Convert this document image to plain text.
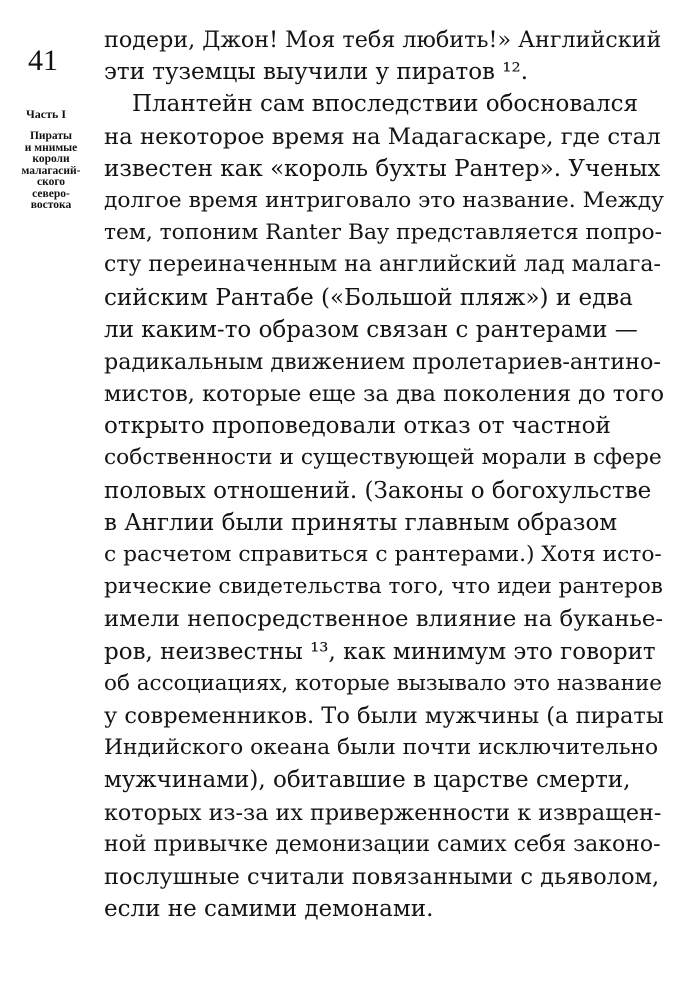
41
Часть I
Пираты
и мнимые
короли
малагасий-
ского
северо-
востока
подери, Джон! Моя тебя любить!» Английский
эти туземцы выучили у пиратов ¹².
Плантейн сам впоследствии обосновался
на некоторое время на Мадагаскаре, где стал
известен как «король бухты Рантер». Ученых
долгое время интриговало это название. Между
тем, топоним Ranter Bay представляется попро-
сту переиначенным на английский лад малага-
сийским Рантабе («Большой пляж») и едва
ли каким-то образом связан с рантерами —
радикальным движением пролетариев-антино-
мистов, которые еще за два поколения до того
открыто проповедовали отказ от частной
собственности и существующей морали в сфере
половых отношений. (Законы о богохульстве
в Англии были приняты главным образом
с расчетом справиться с рантерами.) Хотя исто-
рические свидетельства того, что идеи рантеров
имели непосредственное влияние на буканье-
ров, неизвестны ¹³, как минимум это говорит
об ассоциациях, которые вызывало это название
у современников. То были мужчины (а пираты
Индийского океана были почти исключительно
мужчинами), обитавшие в царстве смерти,
которых из-за их приверженности к извращен-
ной привычке демонизации самих себя законо-
послушные считали повязанными с дьяволом,
если не самими демонами.
